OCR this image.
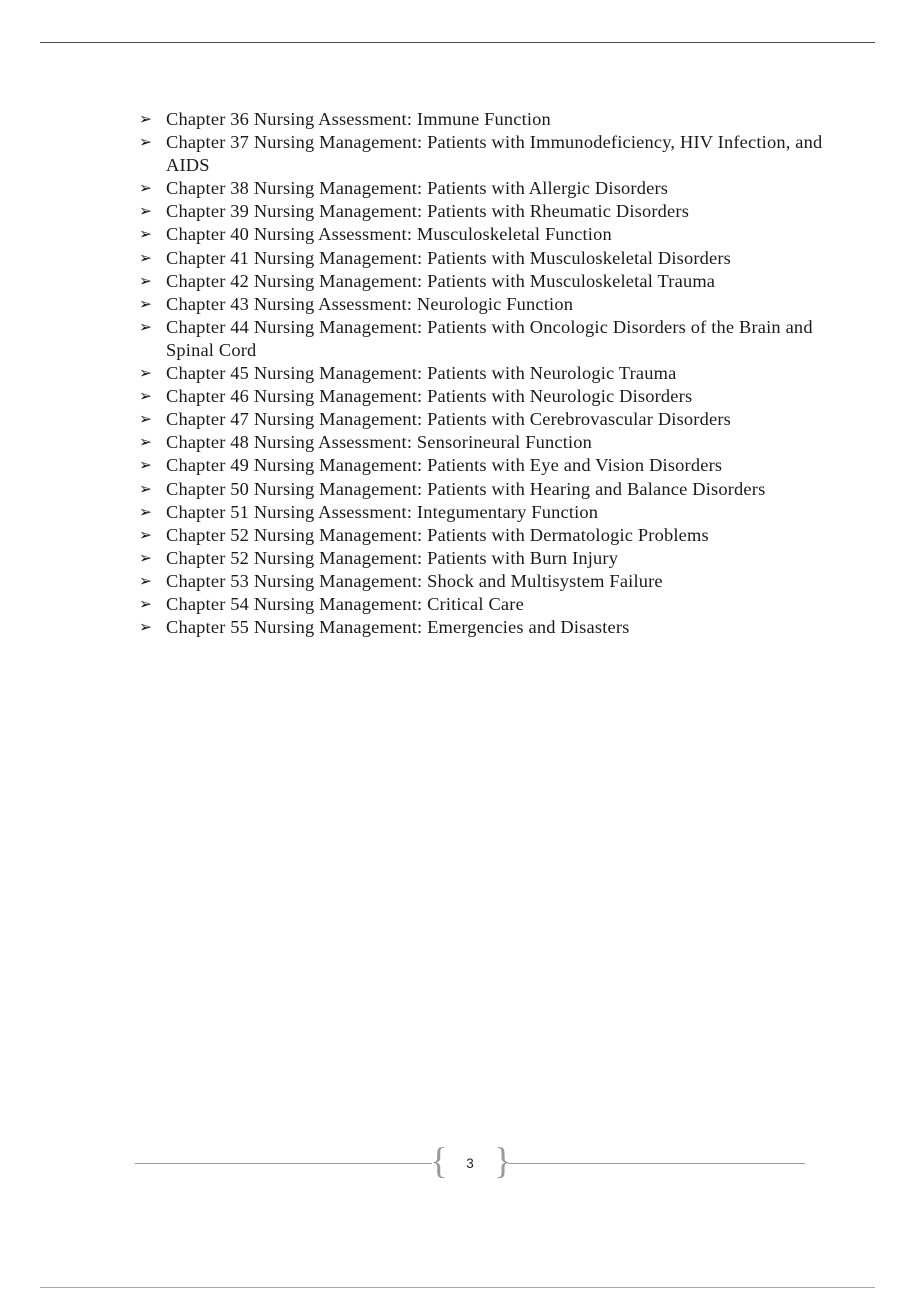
➢ Chapter 36 Nursing Assessment: Immune Function
➢ Chapter 37 Nursing Management: Patients with Immunodeficiency, HIV Infection, and AIDS
➢ Chapter 38 Nursing Management: Patients with Allergic Disorders
➢ Chapter 39 Nursing Management: Patients with Rheumatic Disorders
➢ Chapter 40 Nursing Assessment: Musculoskeletal Function
➢ Chapter 41 Nursing Management: Patients with Musculoskeletal Disorders
➢ Chapter 42 Nursing Management: Patients with Musculoskeletal Trauma
➢ Chapter 43 Nursing Assessment: Neurologic Function
➢ Chapter 44 Nursing Management: Patients with Oncologic Disorders of the Brain and Spinal Cord
➢ Chapter 45 Nursing Management: Patients with Neurologic Trauma
➢ Chapter 46 Nursing Management: Patients with Neurologic Disorders
➢ Chapter 47 Nursing Management: Patients with Cerebrovascular Disorders
➢ Chapter 48 Nursing Assessment: Sensorineural Function
➢ Chapter 49 Nursing Management: Patients with Eye and Vision Disorders
➢ Chapter 50 Nursing Management: Patients with Hearing and Balance Disorders
➢ Chapter 51 Nursing Assessment: Integumentary Function
➢ Chapter 52 Nursing Management: Patients with Dermatologic Problems
➢ Chapter 52 Nursing Management: Patients with Burn Injury
➢ Chapter 53 Nursing Management: Shock and Multisystem Failure
➢ Chapter 54 Nursing Management: Critical Care
➢ Chapter 55 Nursing Management: Emergencies and Disasters
{	3 }
